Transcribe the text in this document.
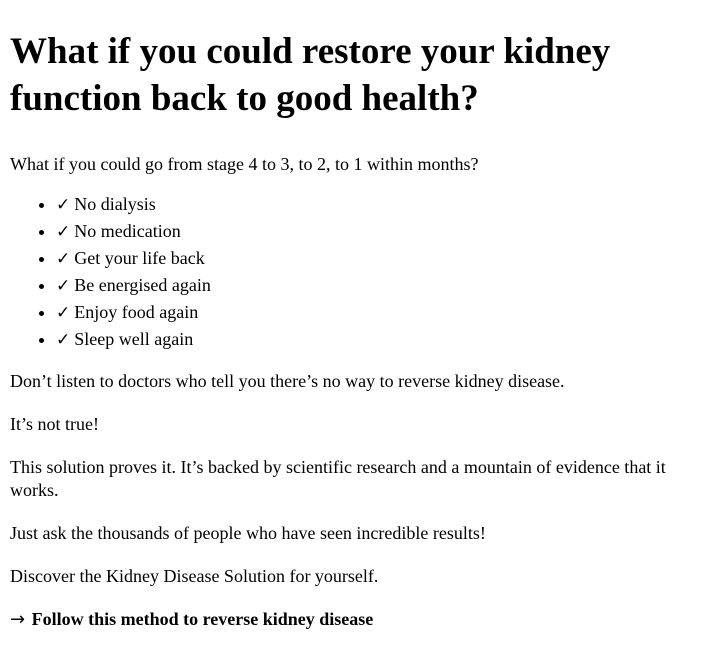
What if you could restore your kidney function back to good health?

What if you could go from stage 4 to 3, to 2, to 1 within months?

• ✓ No dialysis
• ✓ No medication
• ✓ Get your life back
• ✓ Be energised again
• ✓ Enjoy food again
• ✓ Sleep well again

Don’t listen to doctors who tell you there’s no way to reverse kidney disease.

It’s not true!

This solution proves it. It’s backed by scientific research and a mountain of evidence that it works.

Just ask the thousands of people who have seen incredible results!

Discover the Kidney Disease Solution for yourself.

→ Follow this method to reverse kidney disease
